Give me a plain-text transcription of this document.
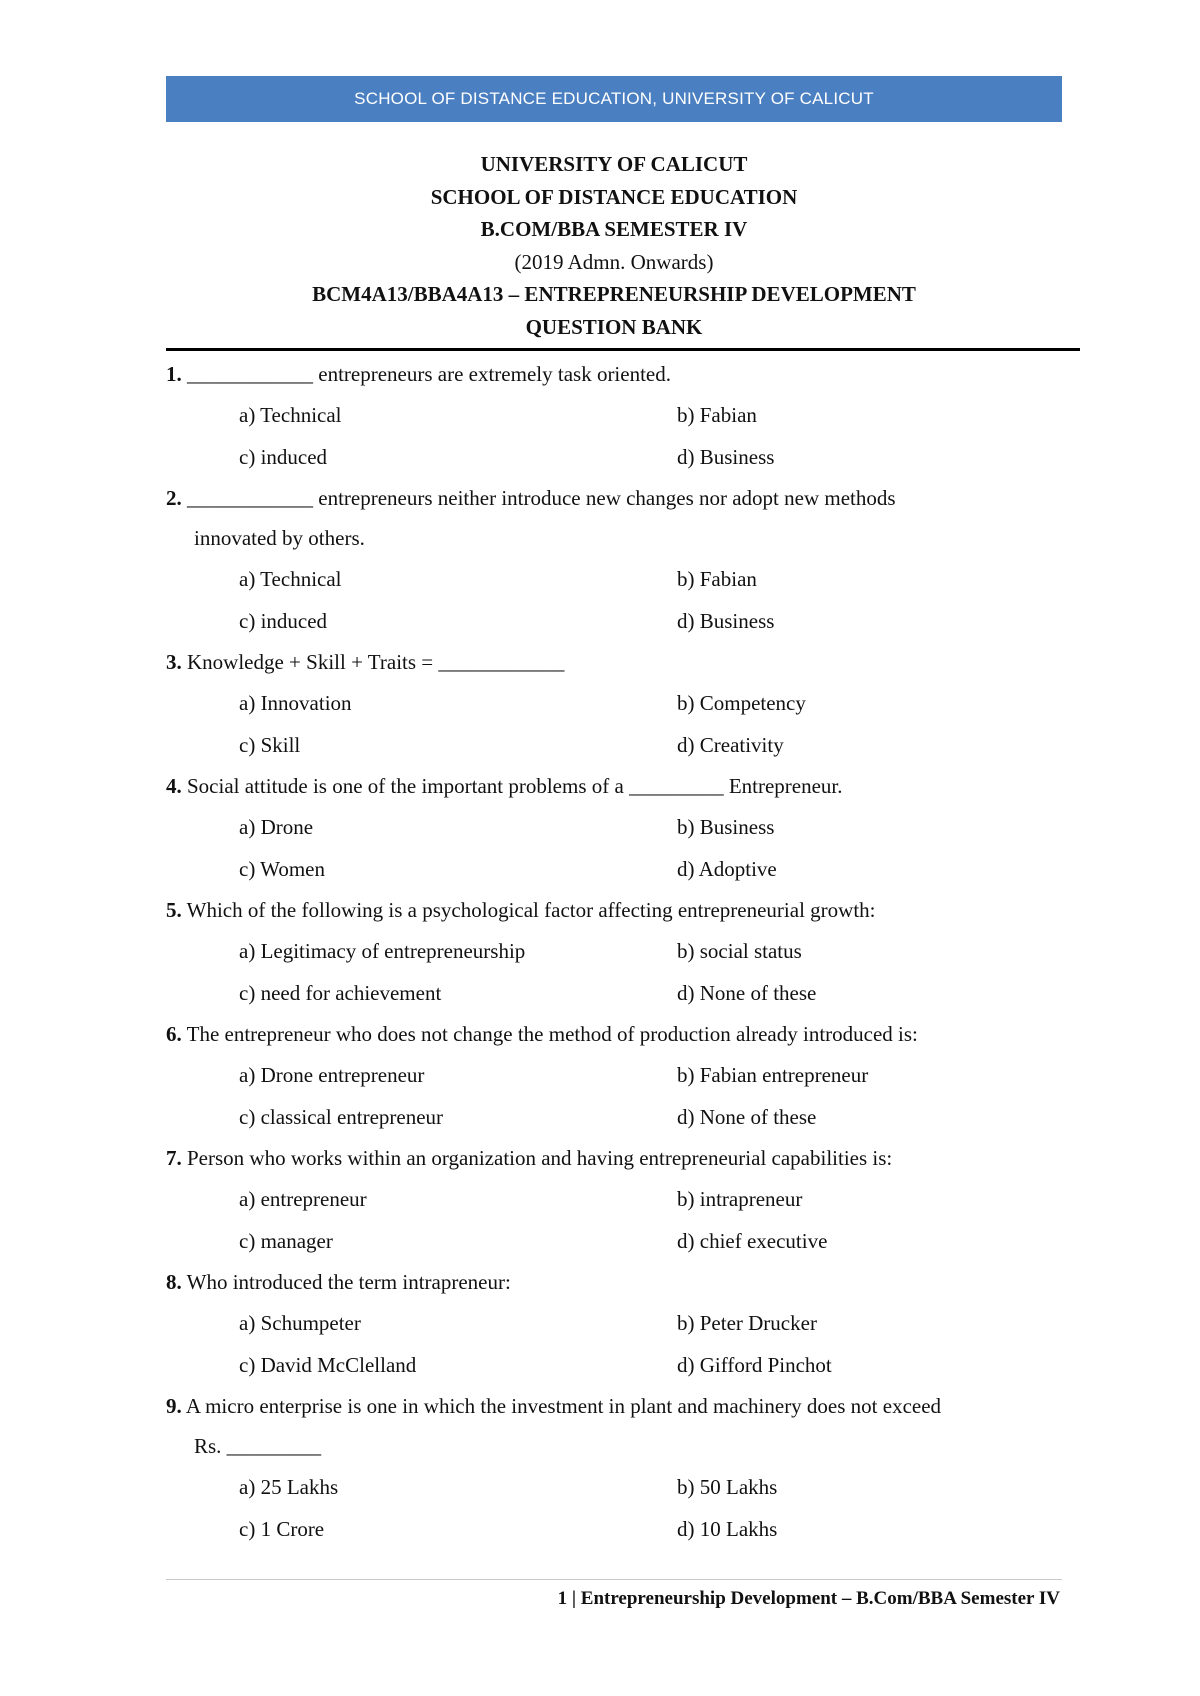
SCHOOL OF DISTANCE EDUCATION, UNIVERSITY OF CALICUT
UNIVERSITY OF CALICUT
SCHOOL OF DISTANCE EDUCATION
B.COM/BBA SEMESTER IV
(2019 Admn. Onwards)
BCM4A13/BBA4A13 – ENTREPRENEURSHIP DEVELOPMENT
QUESTION BANK
1. ____________ entrepreneurs are extremely task oriented.
a) Technical	b) Fabian
c) induced	d) Business
2. ____________ entrepreneurs neither introduce new changes nor adopt new methods
innovated by others.
a) Technical	b) Fabian
c) induced	d) Business
3. Knowledge + Skill + Traits = ____________
a) Innovation	b) Competency
c) Skill	d) Creativity
4. Social attitude is one of the important problems of a _________ Entrepreneur.
a) Drone	b) Business
c) Women	d) Adoptive
5. Which of the following is a psychological factor affecting entrepreneurial growth:
a) Legitimacy of entrepreneurship	b) social status
c) need for achievement	d) None of these
6. The entrepreneur who does not change the method of production already introduced is:
a) Drone entrepreneur	b) Fabian entrepreneur
c) classical entrepreneur	d) None of these
7. Person who works within an organization and having entrepreneurial capabilities is:
a) entrepreneur	b) intrapreneur
c) manager	d) chief executive
8. Who introduced the term intrapreneur:
a) Schumpeter	b) Peter Drucker
c) David McClelland	d) Gifford Pinchot
9. A micro enterprise is one in which the investment in plant and machinery does not exceed
Rs. _________
a) 25 Lakhs	b) 50 Lakhs
c) 1 Crore	d) 10 Lakhs
1 | Entrepreneurship Development – B.Com/BBA Semester IV
